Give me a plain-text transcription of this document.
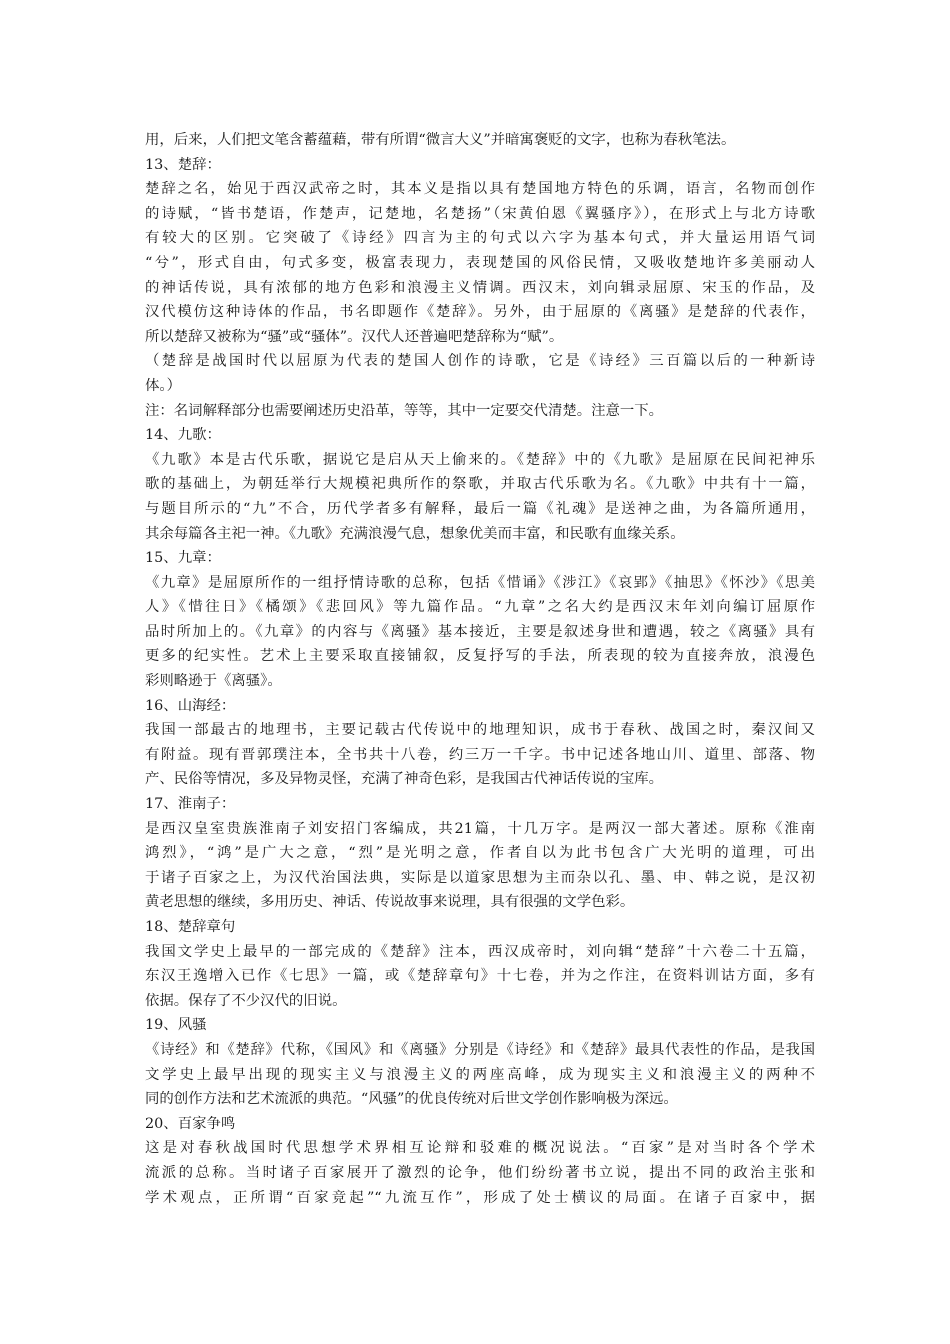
用，后来，人们把文笔含蓄蕴藉，带有所谓“微言大义”并暗寓褒贬的文字，也称为春秋笔法。
13、楚辞：
楚辞之名，始见于西汉武帝之时，其本义是指以具有楚国地方特色的乐调，语言，名物而创作
的诗赋，“皆书楚语，作楚声，记楚地，名楚扬”（宋黄伯恩《翼骚序》），在形式上与北方诗歌
有较大的区别。它突破了《诗经》四言为主的句式以六字为基本句式，并大量运用语气词
“兮”，形式自由，句式多变，极富表现力，表现楚国的风俗民情，又吸收楚地许多美丽动人
的神话传说，具有浓郁的地方色彩和浪漫主义情调。西汉末，刘向辑录屈原、宋玉的作品，及
汉代模仿这种诗体的作品，书名即题作《楚辞》。另外，由于屈原的《离骚》是楚辞的代表作，
所以楚辞又被称为“骚”或“骚体”。汉代人还普遍吧楚辞称为“赋”。
（楚辞是战国时代以屈原为代表的楚国人创作的诗歌，它是《诗经》三百篇以后的一种新诗
体。）
注：名词解释部分也需要阐述历史沿革，等等，其中一定要交代清楚。注意一下。
14、九歌：
《九歌》本是古代乐歌，据说它是启从天上偷来的。《楚辞》中的《九歌》是屈原在民间祀神乐
歌的基础上，为朝廷举行大规模祀典所作的祭歌，并取古代乐歌为名。《九歌》中共有十一篇，
与题目所示的“九”不合，历代学者多有解释，最后一篇《礼魂》是送神之曲，为各篇所通用，
其余每篇各主祀一神。《九歌》充满浪漫气息，想象优美而丰富，和民歌有血缘关系。
15、九章：
《九章》是屈原所作的一组抒情诗歌的总称，包括《惜诵》《涉江》《哀郢》《抽思》《怀沙》《思美
人》《惜往日》《橘颂》《悲回风》等九篇作品。“九章”之名大约是西汉末年刘向编订屈原作
品时所加上的。《九章》的内容与《离骚》基本接近，主要是叙述身世和遭遇，较之《离骚》具有
更多的纪实性。艺术上主要采取直接铺叙，反复抒写的手法，所表现的较为直接奔放，浪漫色
彩则略逊于《离骚》。
16、山海经：
我国一部最古的地理书，主要记载古代传说中的地理知识，成书于春秋、战国之时，秦汉间又
有附益。现有晋郭璞注本，全书共十八卷，约三万一千字。书中记述各地山川、道里、部落、物
产、民俗等情况，多及异物灵怪，充满了神奇色彩，是我国古代神话传说的宝库。
17、淮南子：
是西汉皇室贵族淮南子刘安招门客编成，共21篇，十几万字。是两汉一部大著述。原称《淮南
鸿烈》，“鸿”是广大之意，“烈”是光明之意，作者自以为此书包含广大光明的道理，可出
于诸子百家之上，为汉代治国法典，实际是以道家思想为主而杂以孔、墨、申、韩之说，是汉初
黄老思想的继续，多用历史、神话、传说故事来说理，具有很强的文学色彩。
18、楚辞章句
我国文学史上最早的一部完成的《楚辞》注本，西汉成帝时，刘向辑“楚辞”十六卷二十五篇，
东汉王逸增入已作《七思》一篇，或《楚辞章句》十七卷，并为之作注，在资料训诂方面，多有
依据。保存了不少汉代的旧说。
19、风骚
《诗经》和《楚辞》代称，《国风》和《离骚》分别是《诗经》和《楚辞》最具代表性的作品，是我国
文学史上最早出现的现实主义与浪漫主义的两座高峰，成为现实主义和浪漫主义的两种不
同的创作方法和艺术流派的典范。“风骚”的优良传统对后世文学创作影响极为深远。
20、百家争鸣
这是对春秋战国时代思想学术界相互论辩和驳难的概况说法。“百家”是对当时各个学术
流派的总称。当时诸子百家展开了激烈的论争，他们纷纷著书立说，提出不同的政治主张和
学术观点，正所谓“百家竞起”“九流互作”，形成了处士横议的局面。在诸子百家中，据
